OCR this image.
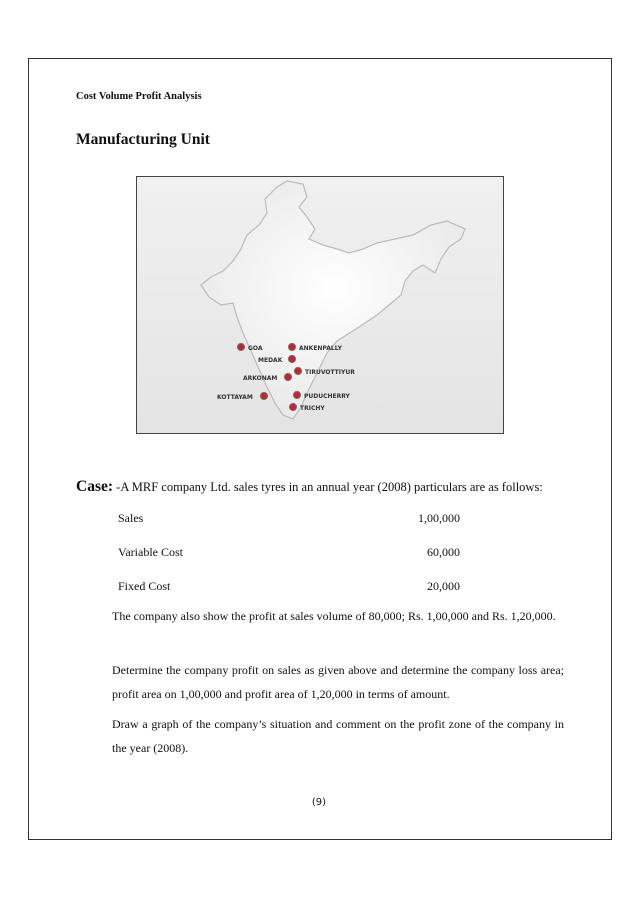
Cost Volume Profit Analysis
Manufacturing Unit
GOA	ANKENPALLY
MEDAK
TIRUVOTTIYUR
ARKONAM
KOTTAYAM	PUDUCHERRY
TRICHY
Case: -A MRF company Ltd. sales tyres in an annual year (2008) particulars are as follows:
Sales	1,00,000
Variable Cost	60,000
Fixed Cost	20,000
The company also show the profit at sales volume of 80,000; Rs. 1,00,000 and Rs. 1,20,000.
Determine the company profit on sales as given above and determine the company loss area; profit area on 1,00,000 and profit area of 1,20,000 in terms of amount.
Draw a graph of the company’s situation and comment on the profit zone of the company in the year (2008).
(9)
